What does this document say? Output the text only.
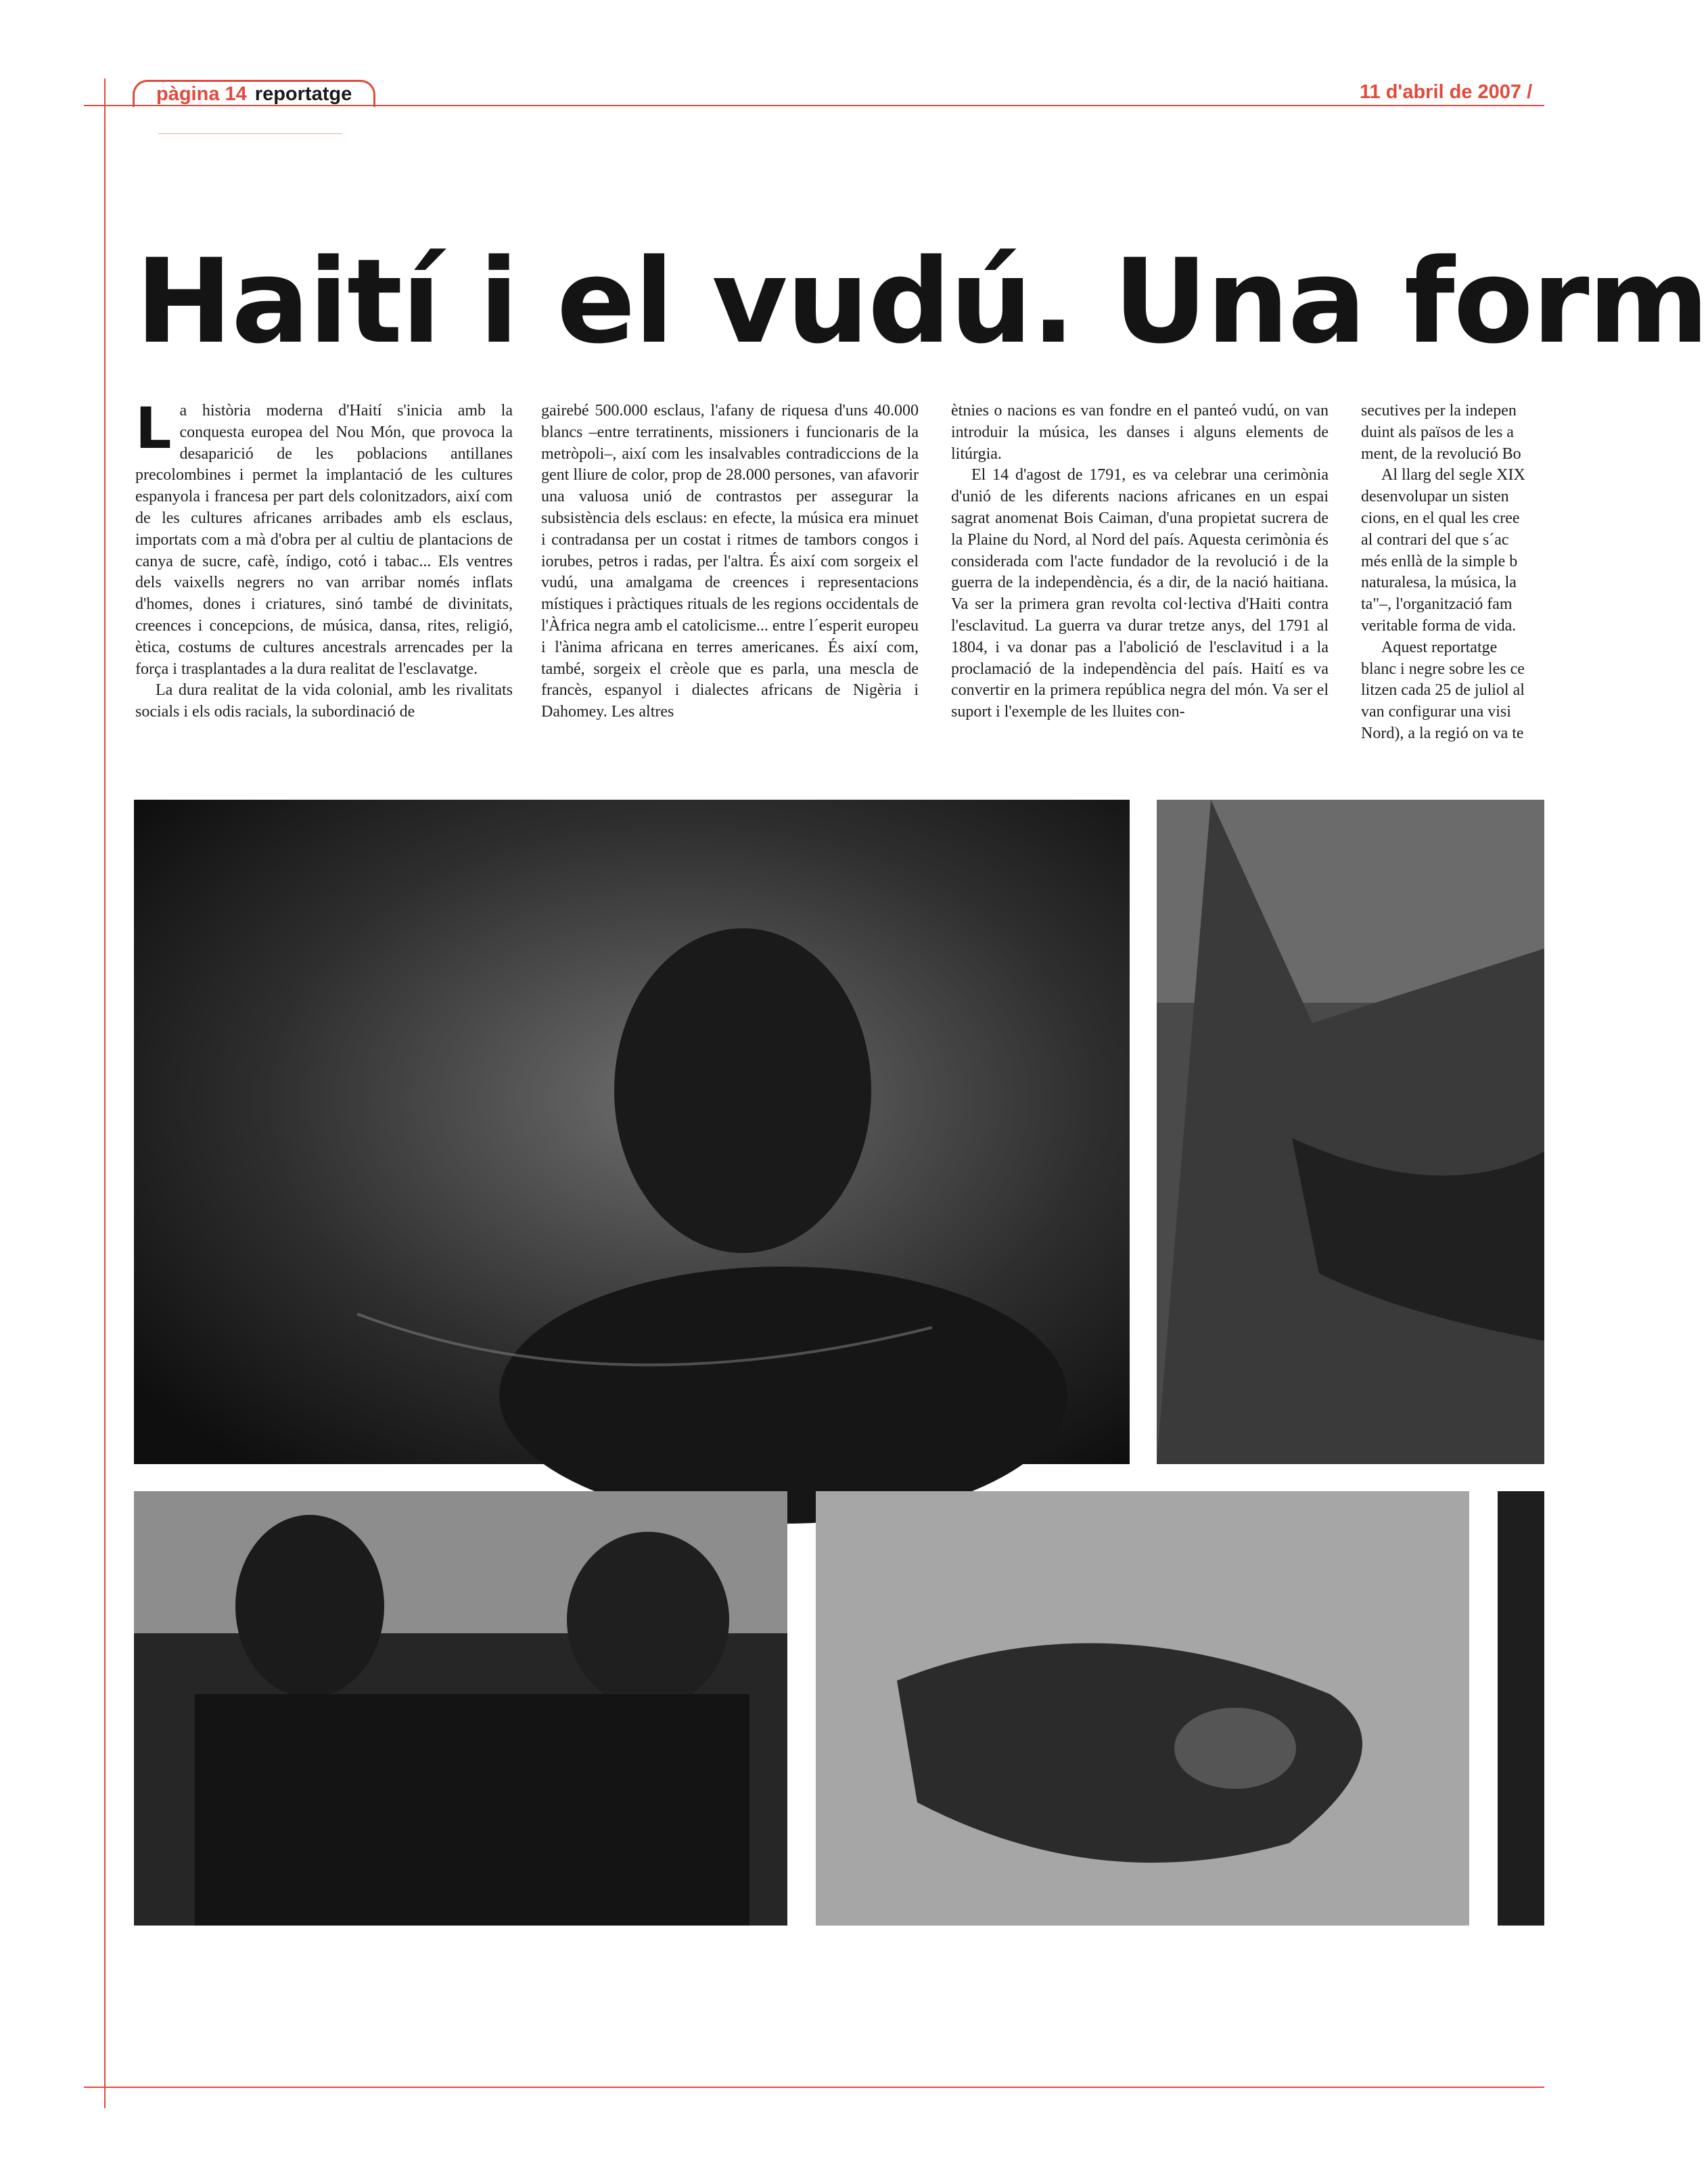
pàgina 14 reportatge	11 d'abril de 2007 /
Haití i el vudú. Una form

L a història moderna d'Haití s'inicia amb la conquesta europea del Nou Món, que provoca la desaparició de les poblacions antillanes precolombines i permet la implantació de les cultures espanyola i francesa per part dels colonitzadors, així com de les cultures africanes arribades amb els esclaus, importats com a mà d'obra per al cultiu de plantacions de canya de sucre, cafè, índigo, cotó i tabac... Els ventres dels vaixells negrers no van arribar només inflats d'homes, dones i criatures, sinó també de divinitats, creences i concepcions, de música, dansa, rites, religió, ètica, costums de cultures ancestrals arrencades per la força i trasplantades a la dura realitat de l'esclavatge.

La dura realitat de la vida colonial, amb les rivalitats socials i els odis racials, la subordinació de

gairebé 500.000 esclaus, l'afany de riquesa d'uns 40.000 blancs –entre terratinents, missioners i funcionaris de la metròpoli–, així com les insalvables contradiccions de la gent lliure de color, prop de 28.000 persones, van afavorir una valuosa unió de contrastos per assegurar la subsistència dels esclaus: en efecte, la música era minuet i contradansa per un costat i ritmes de tambors congos i iorubes, petros i radas, per l'altra. És així com sorgeix el vudú, una amalgama de creences i representacions místiques i pràctiques rituals de les regions occidentals de l'Àfrica negra amb el catolicisme... entre l´esperit europeu i l'ànima africana en terres americanes. És així com, també, sorgeix el crèole que es parla, una mescla de francès, espanyol i dialectes africans de Nigèria i Dahomey. Les altres

ètnies o nacions es van fondre en el panteó vudú, on van introduir la música, les danses i alguns elements de litúrgia.

El 14 d'agost de 1791, es va celebrar una cerimònia d'unió de les diferents nacions africanes en un espai sagrat anomenat Bois Caiman, d'una propietat sucrera de la Plaine du Nord, al Nord del país. Aquesta cerimònia és considerada com l'acte fundador de la revolució i de la guerra de la independència, és a dir, de la nació haitiana. Va ser la primera gran revolta col·lectiva d'Haiti contra l'esclavitud. La guerra va durar tretze anys, del 1791 al 1804, i va donar pas a l'abolició de l'esclavitud i a la proclamació de la independència del país. Haití es va convertir en la primera república negra del món. Va ser el suport i l'exemple de les lluites con-

secutives per la indepen
duint als països de les a
ment, de la revolució Bo
Al llarg del segle XIX
desenvolupar un sisten
cions, en el qual les cree
al contrari del que s´ac
més enllà de la simple b
naturalesa, la música, la
ta"–, l'organització fam
veritable forma de vida.
Aquest reportatge
blanc i negre sobre les ce
litzen cada 25 de juliol al
van configurar una visi
Nord), a la regió on va te
